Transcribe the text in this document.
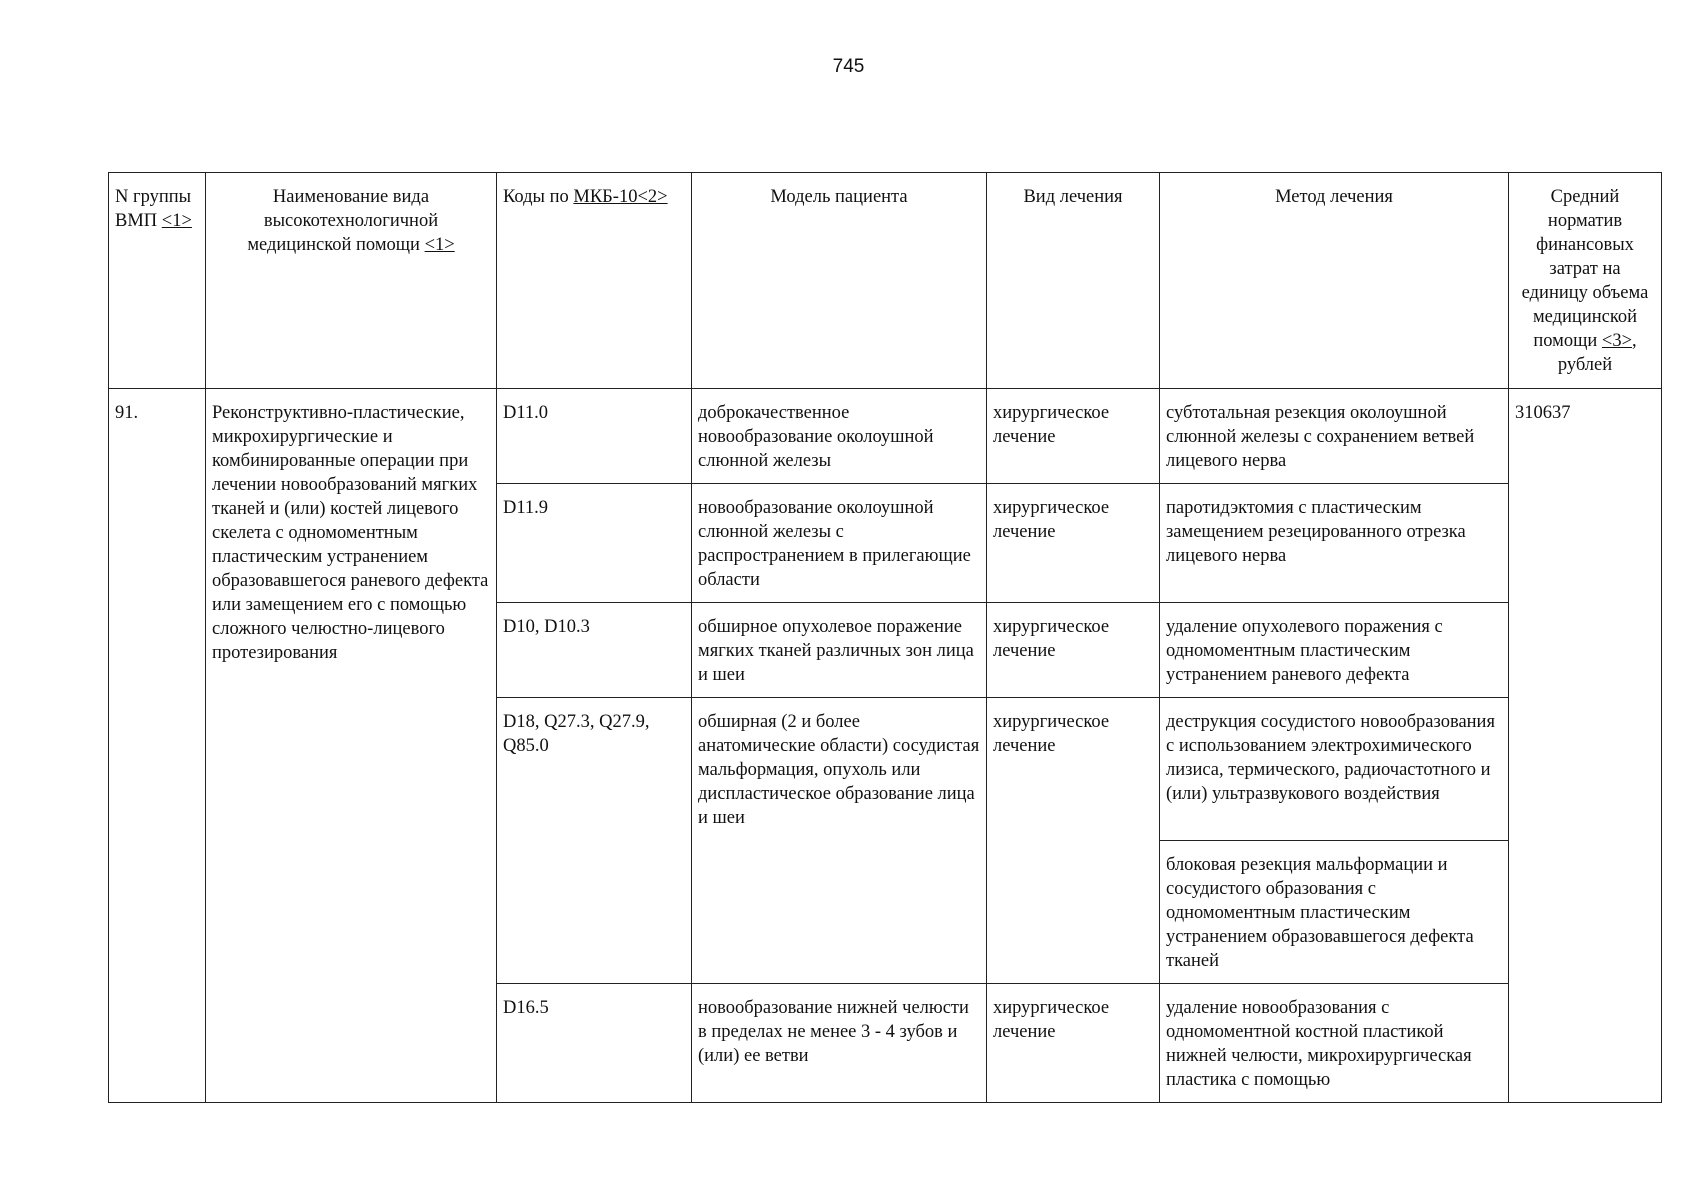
745
N группы ВМП <1>	Наименование вида высокотехнологичной медицинской помощи <1>	Коды по МКБ-10<2>	Модель пациента	Вид лечения	Метод лечения	Средний норматив финансовых затрат на единицу объема медицинской помощи <3>, рублей
91.	Реконструктивно-пластические, микрохирургические и комбинированные операции при лечении новообразований мягких тканей и (или) костей лицевого скелета с одномоментным пластическим устранением образовавшегося раневого дефекта или замещением его с помощью сложного челюстно-лицевого протезирования	D11.0	доброкачественное новообразование околоушной слюнной железы	хирургическое лечение	субтотальная резекция околоушной слюнной железы с сохранением ветвей лицевого нерва	310637
		D11.9	новообразование околоушной слюнной железы с распространением в прилегающие области	хирургическое лечение	паротидэктомия с пластическим замещением резецированного отрезка лицевого нерва	
		D10, D10.3	обширное опухолевое поражение мягких тканей различных зон лица и шеи	хирургическое лечение	удаление опухолевого поражения с одномоментным пластическим устранением раневого дефекта	
		D18, Q27.3, Q27.9, Q85.0	обширная (2 и более анатомические области) сосудистая мальформация, опухоль или диспластическое образование лица и шеи	хирургическое лечение	деструкция сосудистого новообразования с использованием электрохимического лизиса, термического, радиочастотного и (или) ультразвукового воздействия	
					блоковая резекция мальформации и сосудистого образования с одномоментным пластическим устранением образовавшегося дефекта тканей	
		D16.5	новообразование нижней челюсти в пределах не менее 3 - 4 зубов и (или) ее ветви	хирургическое лечение	удаление новообразования с одномоментной костной пластикой нижней челюсти, микрохирургическая пластика с помощью	
